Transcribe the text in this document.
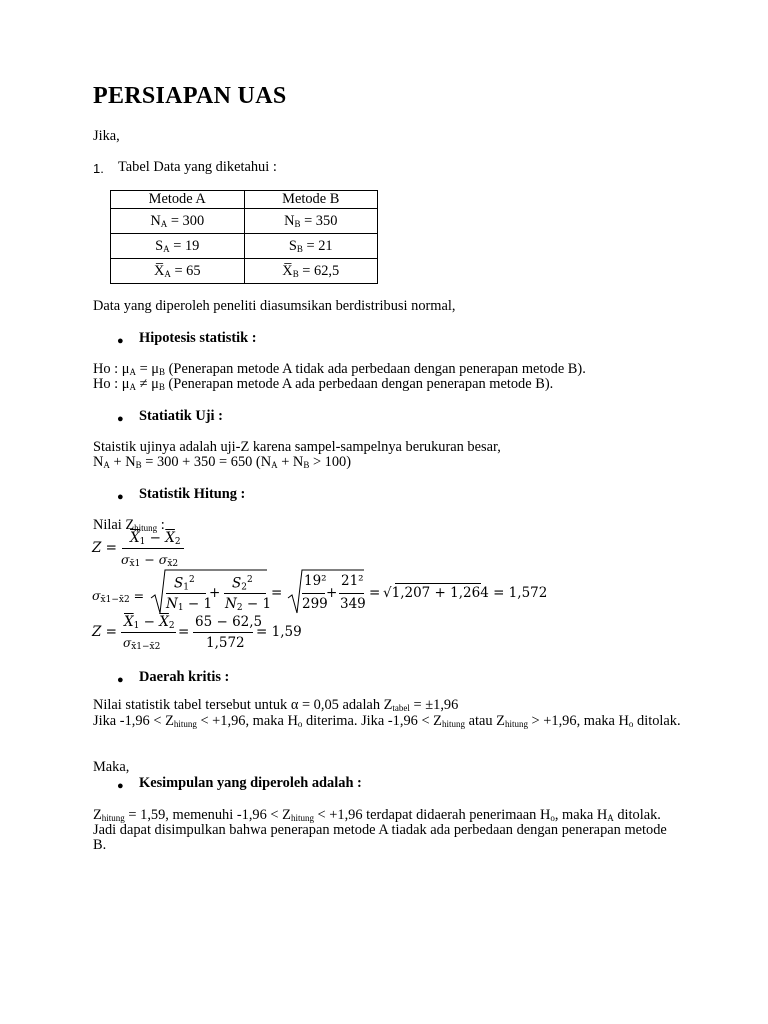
PERSIAPAN UAS
Jika,
1. Tabel Data yang diketahui :
Metode A	Metode B
$N_A = 300$	$N_B = 350$
$S_A = 19$	$S_B = 21$
$X̅_A = 65$	$X̅_B = 62,5$
Data yang diperoleh peneliti diasumsikan berdistribusi normal,
● Hipotesis statistik :
Ho : $\mu_A = \mu_B$ (Penerapan metode A tidak ada perbedaan dengan penerapan metode B).
Ho : $\mu_A \ne \mu_B$ (Penerapan metode A ada perbedaan dengan penerapan metode B).
● Statiatik Uji :
Staistik ujinya adalah uji-Z karena sampel-sampelnya berukuran besar,
$N_A + N_B = 300 + 350 = 650$ $(N_A + N_B > 100)$
● Statistik Hitung :
Nilai $Z_{hitung}$ :
Z =
$\overline{X}_1 - \overline{X}_2$
$\sigma_{x̄1} - \sigma_{x̄2}$
$\sigma_{x̄1-x̄2}$ =
$S_1^2$
$N_1 - 1$
+
$S_2^2$
$N_2 - 1$
=
19²
299
+
21²
349
= √1,207 + 1,264 = 1,572
Z =
$\overline{X}_1 - \overline{X}_2$
$\sigma_{x̄1-x̄2}$
=
65 − 62,5
1,572
= 1,59
● Daerah kritis :
Nilai statistik tabel tersebut untuk α = 0,05 adalah $Z_{tabel} = \pm 1,96$
Jika $-1,96 < Z_{hitung} < +1,96$, maka $H_o$ diterima. Jika $-1,96 < Z_{hitung}$ atau $Z_{hitung} > +1,96$, maka $H_o$ ditolak.
Maka,
● Kesimpulan yang diperoleh adalah :
$Z_{hitung} = 1,59$, memenuhi $-1,96 < Z_{hitung} < +1,96$ terdapat didaerah penerimaan $H_o$, maka $H_A$ ditolak.
Jadi dapat disimpulkan bahwa penerapan metode A tiadak ada perbedaan dengan penerapan metode
B.
